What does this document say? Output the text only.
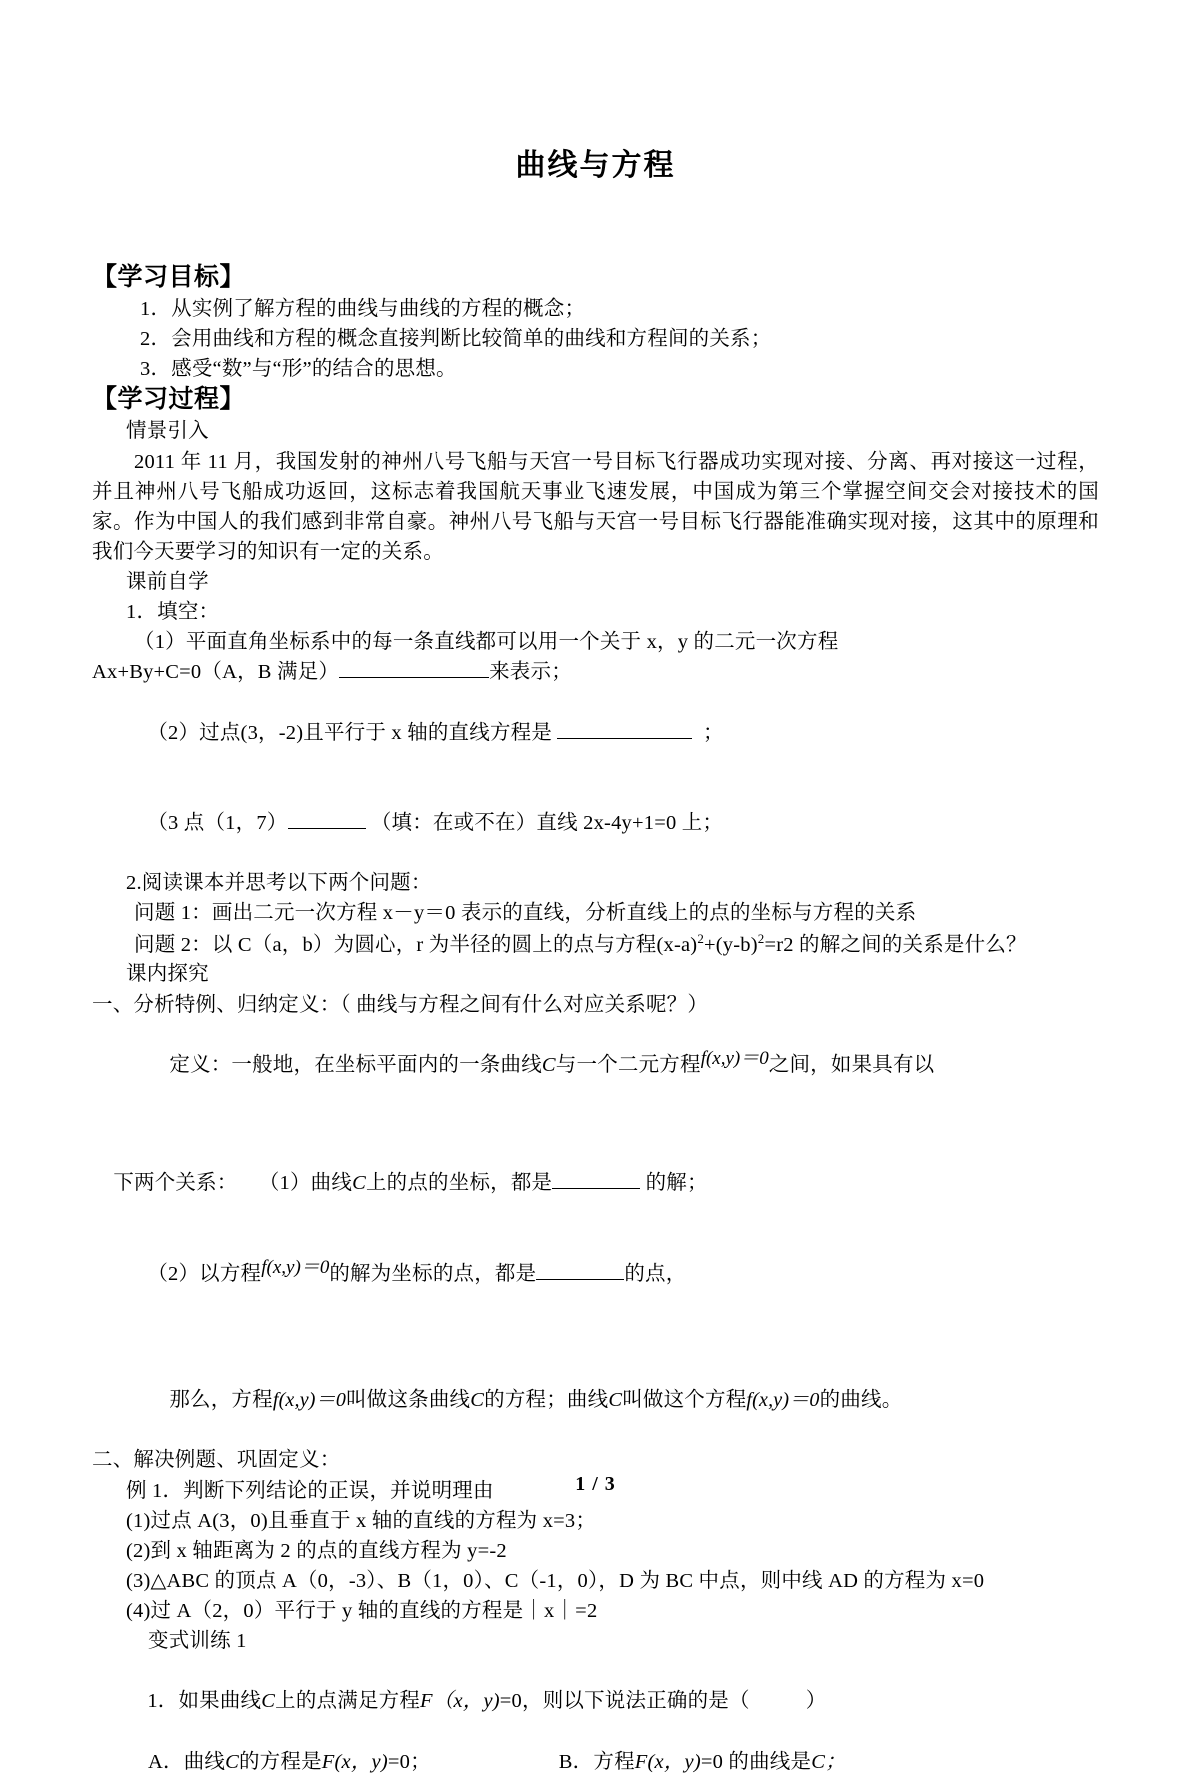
曲线与方程
【学习目标】
1．从实例了解方程的曲线与曲线的方程的概念；
2．会用曲线和方程的概念直接判断比较简单的曲线和方程间的关系；
3．感受“数”与“形”的结合的思想。
【学习过程】
情景引入
2011 年 11 月，我国发射的神州八号飞船与天宫一号目标飞行器成功实现对接、分离、再对接这一过程，并且神州八号飞船成功返回，这标志着我国航天事业飞速发展，中国成为第三个掌握空间交会对接技术的国家。作为中国人的我们感到非常自豪。神州八号飞船与天宫一号目标飞行器能准确实现对接，这其中的原理和我们今天要学习的知识有一定的关系。
课前自学
1．填空：
（1）平面直角坐标系中的每一条直线都可以用一个关于 x，y 的二元一次方程
Ax+By+C=0（A，B 满足）	来表示；

（2）过点(3，-2)且平行于 x 轴的直线方程是	；

（3 点（1，7）	（填：在或不在）直线 2x-4y+1=0 上；

2.阅读课本并思考以下两个问题：
问题 1：画出二元一次方程 x－y＝0 表示的直线，分析直线上的点的坐标与方程的关系
问题 2：以 C（a，b）为圆心，r 为半径的圆上的点与方程$(x-a)^2+(y-b)^2=r2$ 的解之间的关系是什么？
课内探究
一、分析特例、归纳定义：（ 曲线与方程之间有什么对应关系呢？）

定义：一般地，在坐标平面内的一条曲线C与一个二元方程f(x,y)＝0之间，如果具有以

下两个关系： （1）曲线C上的点的坐标，都是	的解；

（2）以方程f(x,y)＝0的解为坐标的点，都是	的点，

那么，方程f(x,y)＝0叫做这条曲线C的方程；曲线C叫做这个方程f(x,y)＝0的曲线。

二、解决例题、巩固定义：
例 1．判断下列结论的正误，并说明理由
(1)过点 A(3，0)且垂直于 x 轴的直线的方程为 x=3；
(2)到 x 轴距离为 2 的点的直线方程为 y=-2
(3)△ABC 的顶点 A（0，-3）、B（1，0）、C（-1，0），D 为 BC 中点，则中线 AD 的方程为 x=0
(4)过 A（2，0）平行于 y 轴的直线的方程是｜x｜=2
变式训练 1

1．如果曲线C上的点满足方程F（x，y)=0，则以下说法正确的是（	）

A．曲线C的方程是F(x，y)=0；	B．方程F(x，y)=0 的曲线是C；
1 / 3
